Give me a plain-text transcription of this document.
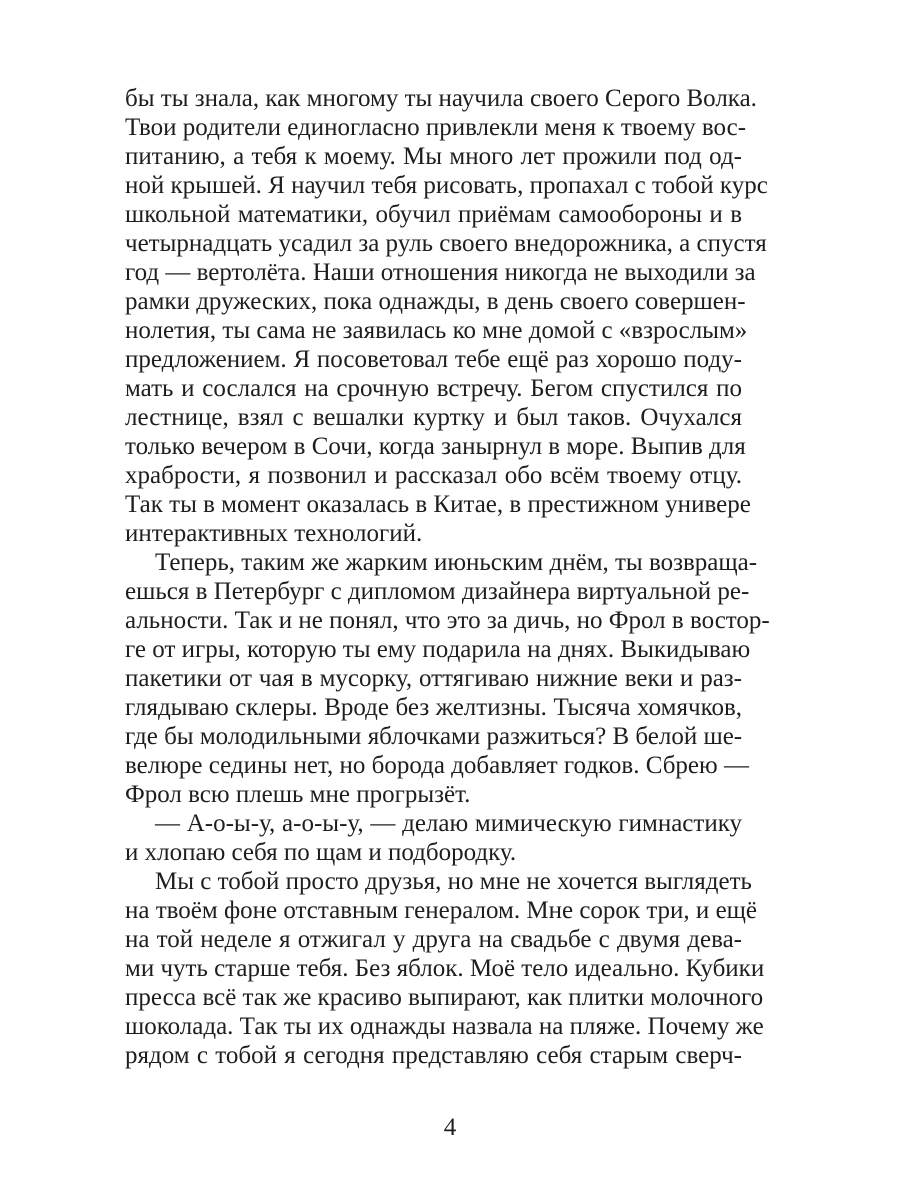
бы ты знала, как многому ты научила своего Серого Волка.
Твои родители единогласно привлекли меня к твоему вос-
питанию, а тебя к моему. Мы много лет прожили под од-
ной крышей. Я научил тебя рисовать, пропахал с тобой курс
школьной математики, обучил приёмам самообороны и в
четырнадцать усадил за руль своего внедорожника, а спустя
год — вертолёта. Наши отношения никогда не выходили за
рамки дружеских, пока однажды, в день своего совершен-
нолетия, ты сама не заявилась ко мне домой с «взрослым»
предложением. Я посоветовал тебе ещё раз хорошо поду-
мать и сослался на срочную встречу. Бегом спустился по
лестнице, взял с вешалки куртку и был таков. Очухался
только вечером в Сочи, когда занырнул в море. Выпив для
храбрости, я позвонил и рассказал обо всём твоему отцу.
Так ты в момент оказалась в Китае, в престижном универе
интерактивных технологий.
Теперь, таким же жарким июньским днём, ты возвраща-
ешься в Петербург с дипломом дизайнера виртуальной ре-
альности. Так и не понял, что это за дичь, но Фрол в востор-
ге от игры, которую ты ему подарила на днях. Выкидываю
пакетики от чая в мусорку, оттягиваю нижние веки и раз-
глядываю склеры. Вроде без желтизны. Тысяча хомячков,
где бы молодильными яблочками разжиться? В белой ше-
велюре седины нет, но борода добавляет годков. Сбрею —
Фрол всю плешь мне прогрызёт.
— А-о-ы-у, а-о-ы-у, — делаю мимическую гимнастику
и хлопаю себя по щам и подбородку.
Мы с тобой просто друзья, но мне не хочется выглядеть
на твоём фоне отставным генералом. Мне сорок три, и ещё
на той неделе я отжигал у друга на свадьбе с двумя дева-
ми чуть старше тебя. Без яблок. Моё тело идеально. Кубики
пресса всё так же красиво выпирают, как плитки молочного
шоколада. Так ты их однажды назвала на пляже. Почему же
рядом с тобой я сегодня представляю себя старым сверч-
4
